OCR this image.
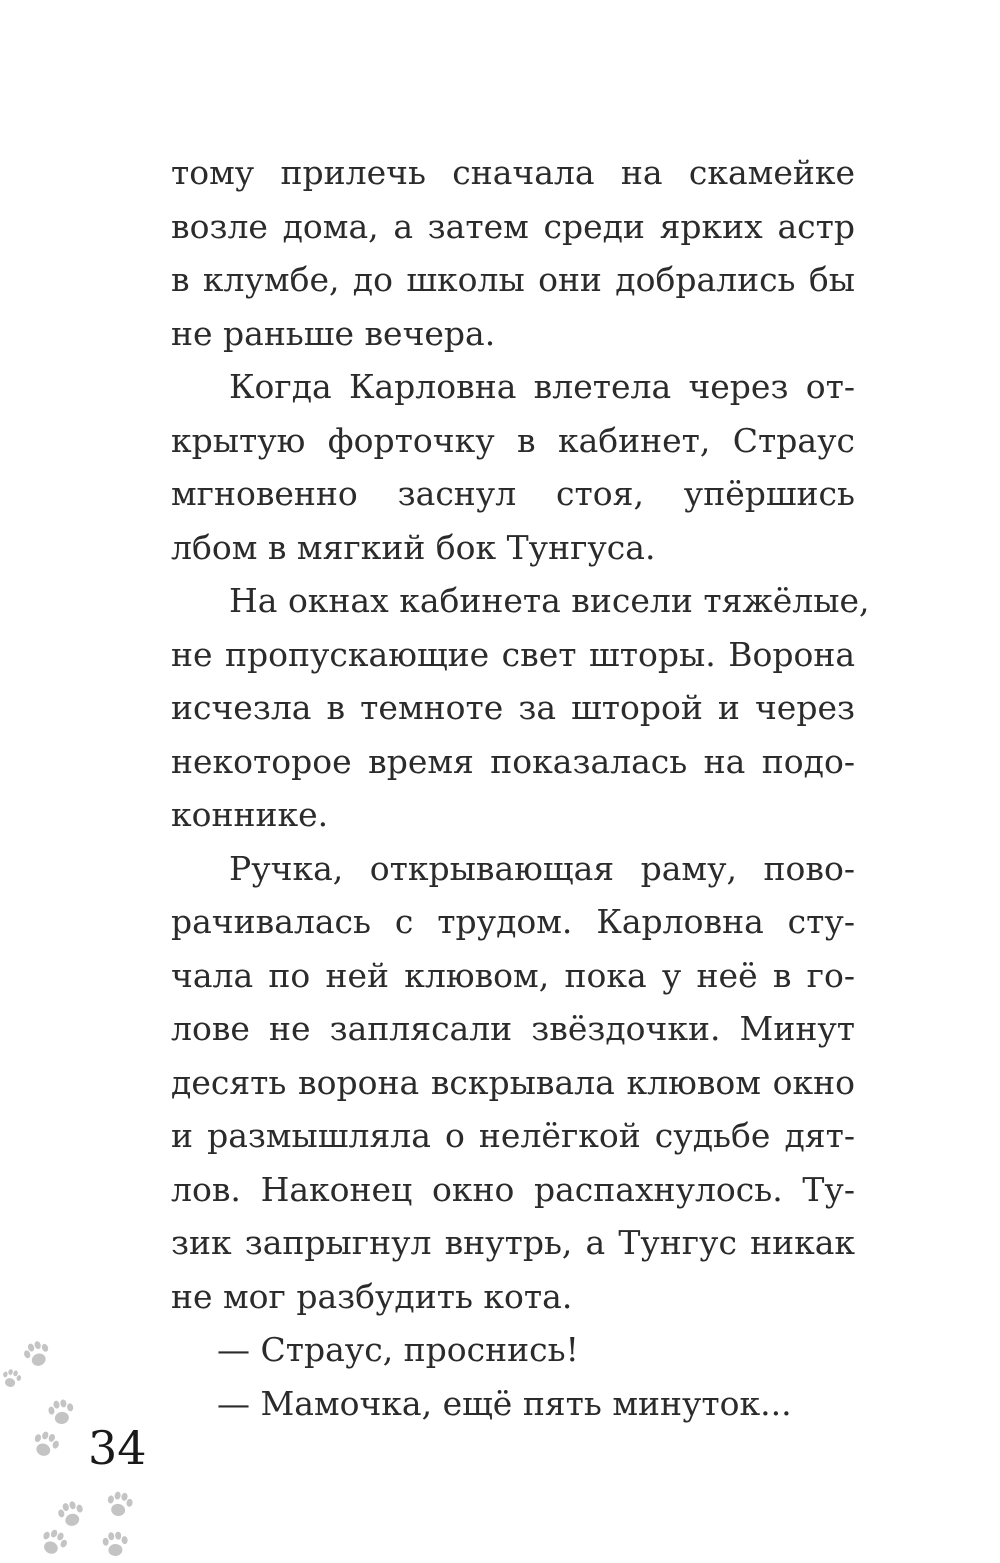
тому прилечь сначала на скамейке
возле дома, а затем среди ярких астр
в клумбе, до школы они добрались бы
не раньше вечера.
Когда Карловна влетела через от-
крытую форточку в кабинет, Страус
мгновенно заснул стоя, упёршись
лбом в мягкий бок Тунгуса.
На окнах кабинета висели тяжёлые,
не пропускающие свет шторы. Ворона
исчезла в темноте за шторой и через
некоторое время показалась на подо-
коннике.
Ручка, открывающая раму, пово-
рачивалась с трудом. Карловна сту-
чала по ней клювом, пока у неё в го-
лове не заплясали звёздочки. Минут
десять ворона вскрывала клювом окно
и размышляла о нелёгкой судьбе дят-
лов. Наконец окно распахнулось. Ту-
зик запрыгнул внутрь, а Тунгус никак
не мог разбудить кота.
— Страус, проснись!
— Мамочка, ещё пять минуток...
34
